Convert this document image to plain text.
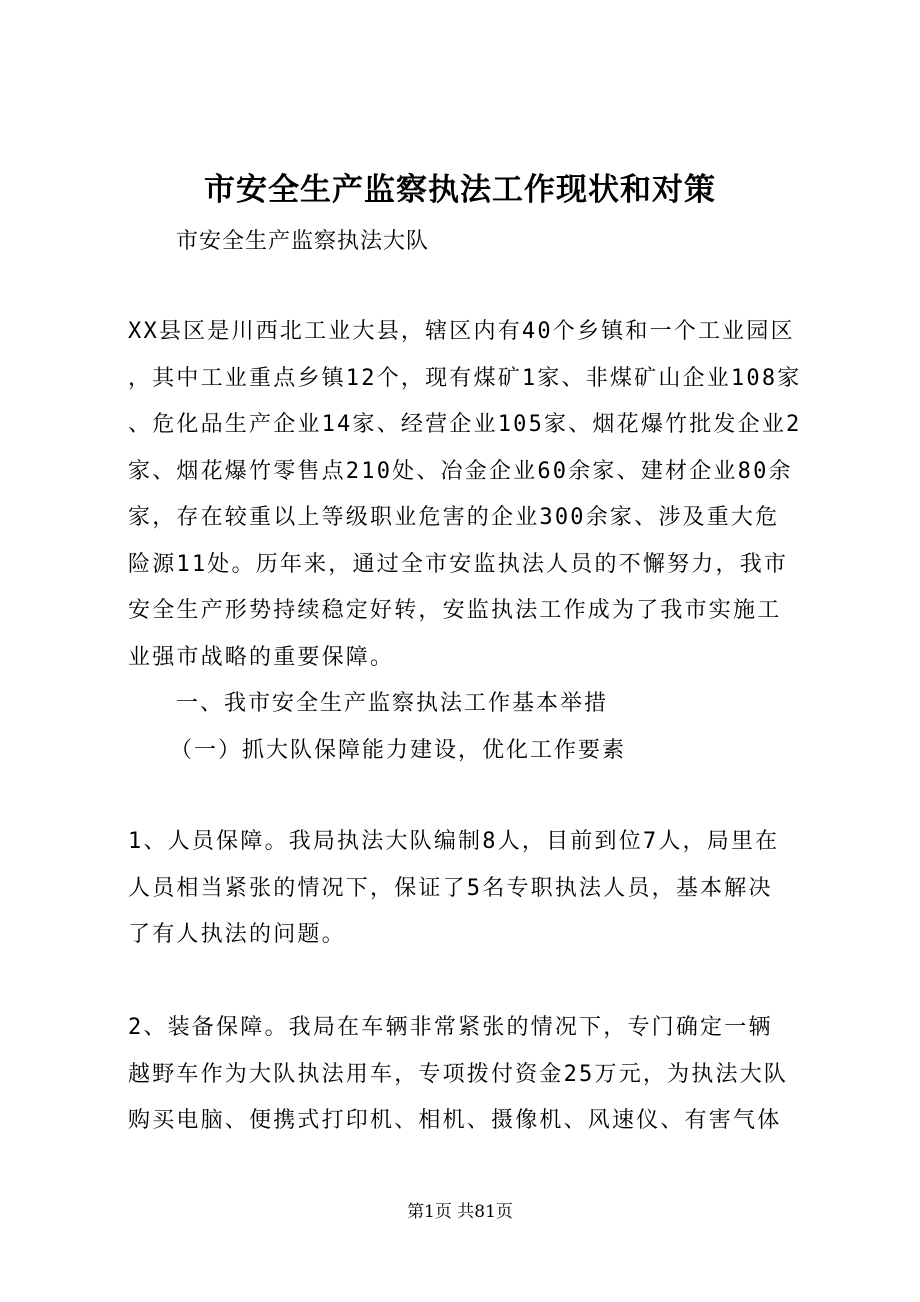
市安全生产监察执法工作现状和对策
市安全生产监察执法大队
XX县区是川西北工业大县，辖区内有40个乡镇和一个工业园区
，其中工业重点乡镇12个，现有煤矿1家、非煤矿山企业108家
、危化品生产企业14家、经营企业105家、烟花爆竹批发企业2
家、烟花爆竹零售点210处、冶金企业60余家、建材企业80余
家，存在较重以上等级职业危害的企业300余家、涉及重大危
险源11处。历年来，通过全市安监执法人员的不懈努力，我市
安全生产形势持续稳定好转，安监执法工作成为了我市实施工
业强市战略的重要保障。
一、我市安全生产监察执法工作基本举措
（一）抓大队保障能力建设，优化工作要素
1、人员保障。我局执法大队编制8人，目前到位7人，局里在
人员相当紧张的情况下，保证了5名专职执法人员，基本解决
了有人执法的问题。
2、装备保障。我局在车辆非常紧张的情况下，专门确定一辆
越野车作为大队执法用车，专项拨付资金25万元，为执法大队
购买电脑、便携式打印机、相机、摄像机、风速仪、有害气体
第1页 共81页
